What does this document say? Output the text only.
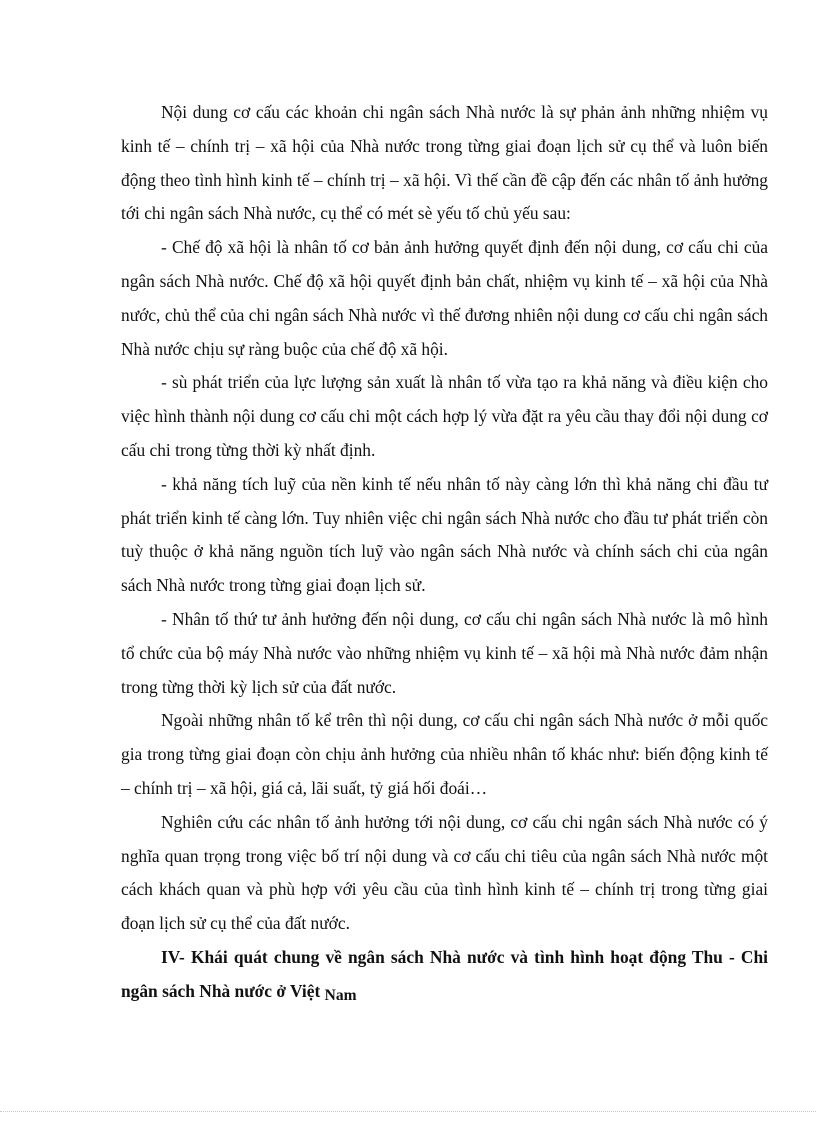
Nội dung cơ cấu các khoản chi ngân sách Nhà nước là sự phản ảnh những nhiệm vụ kinh tế – chính trị – xã hội của Nhà nước trong từng giai đoạn lịch sử cụ thể và luôn biến động theo tình hình kinh tế – chính trị – xã hội. Vì thế cần đề cập đến các nhân tố ảnh hưởng tới chi ngân sách Nhà nước, cụ thể có mét sè yếu tố chủ yếu sau:

- Chế độ xã hội là nhân tố cơ bản ảnh hưởng quyết định đến nội dung, cơ cấu chi của ngân sách Nhà nước. Chế độ xã hội quyết định bản chất, nhiệm vụ kinh tế – xã hội của Nhà nước, chủ thể của chi ngân sách Nhà nước vì thế đương nhiên nội dung cơ cấu chi ngân sách Nhà nước chịu sự ràng buộc của chế độ xã hội.

- sù phát triển của lực lượng sản xuất là nhân tố vừa tạo ra khả năng và điều kiện cho việc hình thành nội dung cơ cấu chi một cách hợp lý vừa đặt ra yêu cầu thay đổi nội dung cơ cấu chi trong từng thời kỳ nhất định.

- khả năng tích luỹ của nền kinh tế nếu nhân tố này càng lớn thì khả năng chi đầu tư phát triển kinh tế càng lớn. Tuy nhiên việc chi ngân sách Nhà nước cho đầu tư phát triển còn tuỳ thuộc ở khả năng nguồn tích luỹ vào ngân sách Nhà nước và chính sách chi của ngân sách Nhà nước trong từng giai đoạn lịch sử.

- Nhân tố thứ tư ảnh hưởng đến nội dung, cơ cấu chi ngân sách Nhà nước là mô hình tổ chức của bộ máy Nhà nước vào những nhiệm vụ kinh tế – xã hội mà Nhà nước đảm nhận trong từng thời kỳ lịch sử của đất nước.

Ngoài những nhân tố kể trên thì nội dung, cơ cấu chi ngân sách Nhà nước ở mỗi quốc gia trong từng giai đoạn còn chịu ảnh hưởng của nhiều nhân tố khác như: biến động kinh tế – chính trị – xã hội, giá cả, lãi suất, tỷ giá hối đoái…

Nghiên cứu các nhân tố ảnh hưởng tới nội dung, cơ cấu chi ngân sách Nhà nước có ý nghĩa quan trọng trong việc bố trí nội dung và cơ cấu chi tiêu của ngân sách Nhà nước một cách khách quan và phù hợp với yêu cầu của tình hình kinh tế – chính trị trong từng giai đoạn lịch sử cụ thể của đất nước.

IV- Khái quát chung về ngân sách Nhà nước và tình hình hoạt động Thu - Chi ngân sách Nhà nước ở Việt Nam
